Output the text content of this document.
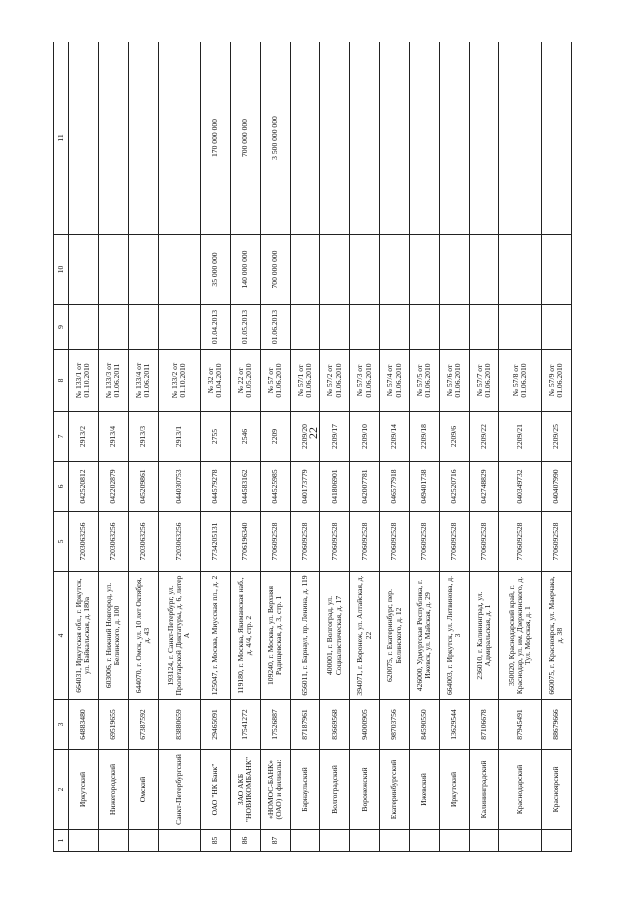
22
1	2	3	4	5	6	7	8	9	10	11
	Иркутский	64883480	664031, Иркутская обл., г. Иркутск, ул. Байкальская, д. 180а	7203063256	042520812	2913/2	№ 133/1 от 01.10.2010			
	Нижегородский	69519655	603006, г. Нижний Новгород, ул. Белинского, д. 100	7203063256	042202879	2913/4	№ 133/3 от 01.06.2011			
	Омский	67387592	644070, г. Омск, ул. 10 лет Октября, д. 43	7203063256	045209861	2913/3	№ 133/4 от 01.06.2011			
	Санкт-Петербургский	83880659	193124, г. Санкт-Петербург, ул. Пролетарской Диктатуры, д. 6, литер А	7203063256	044030753	2913/1	№ 133/2 от 01.10.2010			
85	ОАО "НК Банк"	29465091	125047, г. Москва, Миусская пл., д. 2	7734205131	044579278	2755	№ 32 от 01.04.2010	01.04.2013	35 000 000	170 000 000
86	ЗАО АКБ "НОВИКОМБАНК"	17541272	119180, г. Москва, Якиманская наб., д. 4/4, стр. 2	7706196340	044583162	2546	№ 22 от 01.05.2010	01.05.2013	140 000 000	700 000 000
87	«НОМОС-БАНК» (ОАО) и филиалы:	17526887	109240, г. Москва, ул. Верхняя Радищевская, д. 3, стр. 1	7706092528	044525985	2209	№ 57 от 01.06.2010	01.06.2013	700 000 000	3 500 000 000
	Барнаульский	87187961	656011, г. Барнаул, пр. Ленина, д. 119	7706092528	040173779	2209/20	№ 57/1 от 01.06.2010			
	Волгоградский	83669568	400001, г. Волгоград, ул. Социалистическая, д. 17	7706092528	041806901	2209/17	№ 57/2 от 01.06.2010			
	Воронежский	94000905	394071, г. Воронеж, ул. Алтайская, д. 22	7706092528	042007781	2209/10	№ 57/3 от 01.06.2010			
	Екатеринбургский	98703756	620075, г. Екатеринбург, пер. Белинского, д. 12	7706092528	046577918	2209/14	№ 57/4 от 01.06.2010			
	Ижевский	84590550	426000, Удмуртская Республика, г. Ижевск, ул. Майская, д. 29	7706092528	049401738	2209/18	№ 57/5 от 01.06.2010			
	Иркутский	13629544	664003, г. Иркутск, ул. Литвинова, д. 3	7706092528	042520716	2209/6	№ 57/6 от 01.06.2010			
	Калининградский	87106678	236010, г. Калининград, ул. Адмиральская, д. 1	7706092528	042748829	2209/22	№ 57/7 от 01.06.2010			
	Краснодарский	87945491	350020, Краснодарский край, г. Краснодар, ул. им. Дзержинского, д. Тул. Морская, д. 1	7706092528	040349732	2209/21	№ 57/8 от 01.06.2010			
	Красноярский	88679666	660075, г. Красноярск, ул. Маерчака, д. 38	7706092528	040407990	2209/25	№ 57/9 от 01.06.2010			
